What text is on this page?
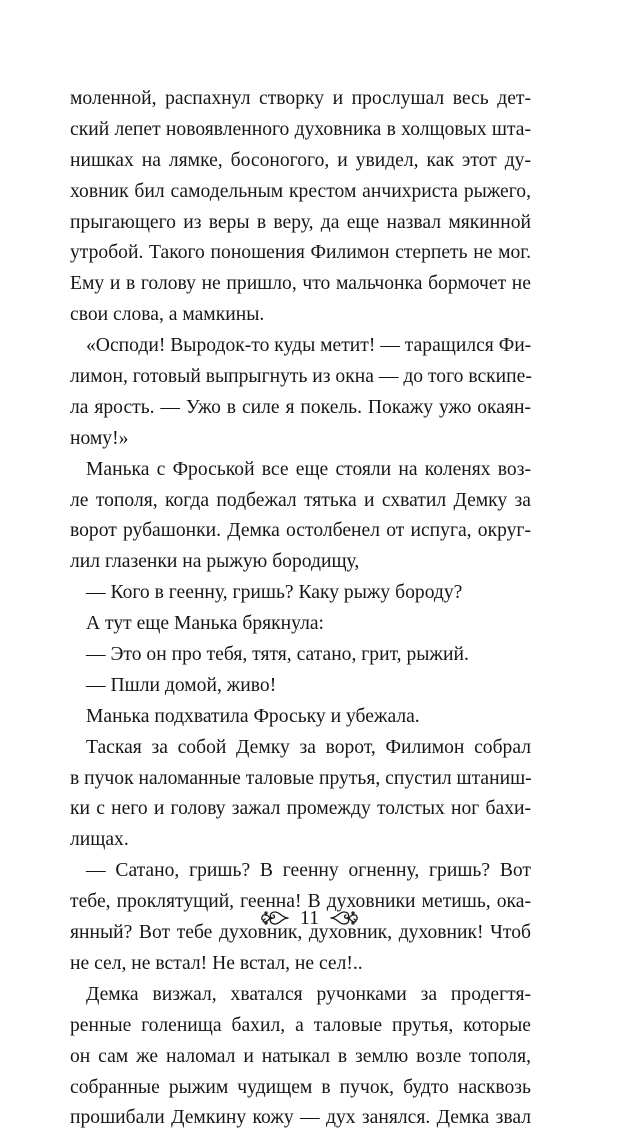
моленной, распахнул створку и прослушал весь дет-
ский лепет новоявленного духовника в холщовых шта-
нишках на лямке, босоногого, и увидел, как этот ду-
ховник бил самодельным крестом анчихриста рыжего,
прыгающего из веры в веру, да еще назвал мякинной
утробой. Такого поношения Филимон стерпеть не мог.
Ему и в голову не пришло, что мальчонка бормочет не
свои слова, а мамкины.
«Осподи! Выродок-то куды метит! — таращился Фи-
лимон, готовый выпрыгнуть из окна — до того вскипе-
ла ярость. — Ужо в силе я покель. Покажу ужо окаян-
ному!»
Манька с Фроськой все еще стояли на коленях воз-
ле тополя, когда подбежал тятька и схватил Демку за
ворот рубашонки. Демка остолбенел от испуга, округ-
лил глазенки на рыжую бородищу,
— Кого в геенну, гришь? Каку рыжу бороду?
А тут еще Манька брякнула:
— Это он про тебя, тятя, сатано, грит, рыжий.
— Пшли домой, живо!
Манька подхватила Фроську и убежала.
Таская за собой Демку за ворот, Филимон собрал
в пучок наломанные таловые прутья, спустил штаниш-
ки с него и голову зажал промежду толстых ног бахи-
лищах.
— Сатано, гришь? В геенну огненну, гришь? Вот
тебе, проклятущий, геенна! В духовники метишь, ока-
янный? Вот тебе духовник, духовник, духовник! Чтоб
не сел, не встал! Не встал, не сел!..
Демка визжал, хватался ручонками за продегтя-
ренные голенища бахил, а таловые прутья, которые
он сам же наломал и натыкал в землю возле тополя,
собранные рыжим чудищем в пучок, будто насквозь
прошибали Демкину кожу — дух занялся. Демка звал
11
